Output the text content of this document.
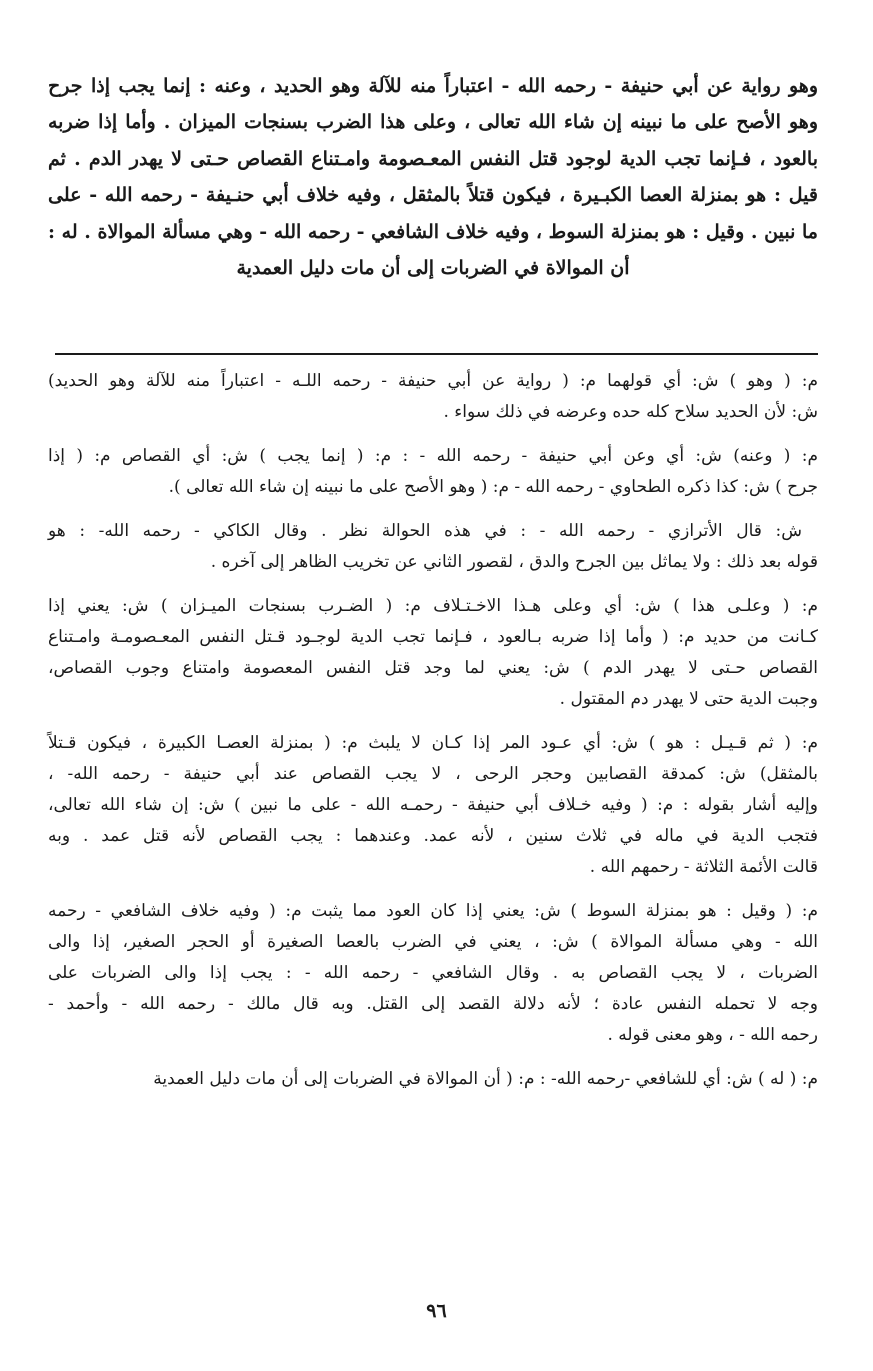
وهو رواية عن أبي حنيفة - رحمه الله - اعتباراً منه للآلة وهو الحديد ، وعنه : إنما يجب إذا جرح
وهو الأصح على ما نبينه إن شاء الله تعالى ، وعلى هذا الضرب بسنجات الميزان . وأما إذا ضربه
بالعود ، فـإنما تجب الدية لوجود قتل النفس المعـصومة وامـتناع القصاص حـتى لا يهدر الدم . ثم
قيل : هو بمنزلة العصا الكبـيرة ، فيكون قتلاً بالمثقل ، وفيه خلاف أبي حنـيفة - رحمه الله - على
ما نبين . وقيل : هو بمنزلة السوط ، وفيه خلاف الشافعي - رحمه الله - وهي مسألة الموالاة . له :
أن الموالاة في الضربات إلى أن مات دليل العمدية
م: ( وهو ) ش: أي قولهما م: ( رواية عن أبي حنيفة - رحمه اللـه - اعتباراً منه للآلة وهو الحديد)
ش: لأن الحديد سلاح كله حده وعرضه في ذلك سواء .
م: ( وعنه) ش: أي وعن أبي حنيفة - رحمه الله - : م: ( إنما يجب ) ش: أي القصاص م: ( إذا
جرح ) ش: كذا ذكره الطحاوي - رحمه الله - م: ( وهو الأصح على ما نبينه إن شاء الله تعالى ).
ش: قال الأترازي - رحمه الله - : في هذه الحوالة نظر . وقال الكاكي - رحمه الله- : هو
قوله بعد ذلك : ولا يماثل بين الجرح والدق ، لقصور الثاني عن تخريب الظاهر إلى آخره .
م: ( وعلـى هذا ) ش: أي وعلى هـذا الاخـتـلاف م: ( الضـرب بسنجات الميـزان ) ش: يعني إذا
كـانت من حديد م: ( وأما إذا ضربه بـالعود ، فـإنما تجب الدية لوجـود قـتل النفس المعـصومـة وامـتناع
القصاص حـتى لا يهدر الدم ) ش: يعني لما وجد قتل النفس المعصومة وامتناع وجوب القصاص،
وجبت الدية حتى لا يهدر دم المقتول .
م: ( ثم قـيـل : هو ) ش: أي عـود المر إذا كـان لا يلبث م: ( بمنزلة العصـا الكبيرة ، فيكون قـتلاً
بالمثقل) ش: كمدقة القصابين وحجر الرحى ، لا يجب القصاص عند أبي حنيفة - رحمه الله- ،
وإليه أشار بقوله : م: ( وفيه خـلاف أبي حنيفة - رحمـه الله - على ما نبين ) ش: إن شاء الله تعالى،
فتجب الدية في ماله في ثلاث سنين ، لأنه عمد. وعندهما : يجب القصاص لأنه قتل عمد . وبه
قالت الأئمة الثلاثة - رحمهم الله .
م: ( وقيل : هو بمنزلة السوط ) ش: يعني إذا كان العود مما يثبت م: ( وفيه خلاف الشافعي - رحمه
الله - وهي مسألة الموالاة ) ش: ، يعني في الضرب بالعصا الصغيرة أو الحجر الصغير، إذا والى
الضربات ، لا يجب القصاص به . وقال الشافعي - رحمه الله - : يجب إذا والى الضربات على
وجه لا تحمله النفس عادة ؛ لأنه دلالة القصد إلى القتل. وبه قال مالك - رحمه الله - وأحمد -
رحمه الله - ، وهو معنى قوله .
م: ( له ) ش: أي للشافعي -رحمه الله- : م: ( أن الموالاة في الضربات إلى أن مات دليل العمدية
٩٦
